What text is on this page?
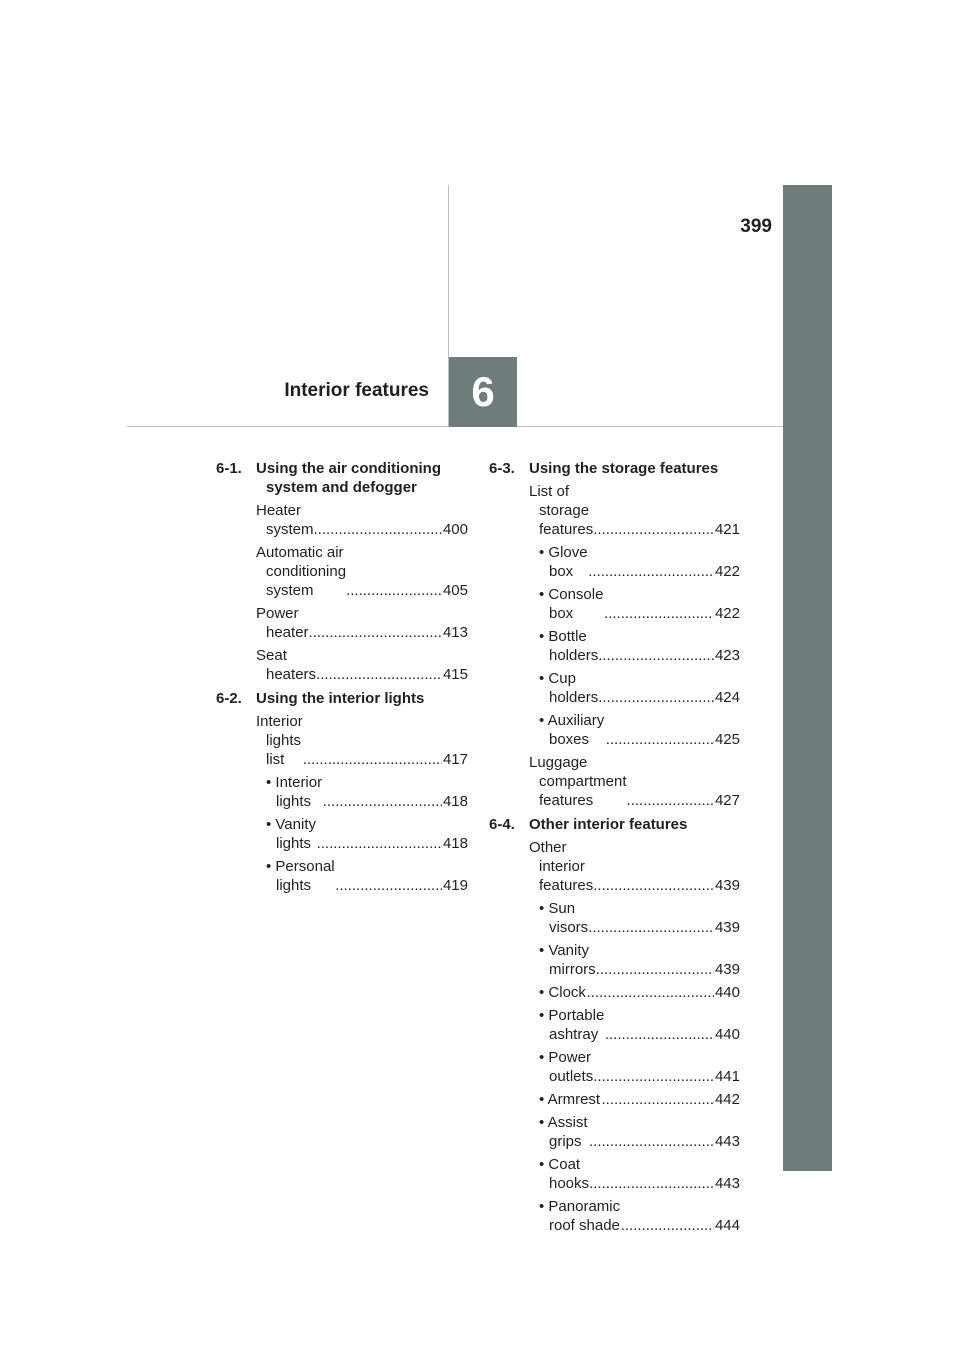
399
Interior features	6
6-1. Using the air conditioning system and defogger
Heater system .....	400
Automatic air conditioning system .....	405
Power heater .....	413
Seat heaters .....	415
6-2. Using the interior lights
Interior lights list .....	417
• Interior lights .....	418
• Vanity lights .....	418
• Personal lights .....	419
6-3. Using the storage features
List of storage features .....	421
• Glove box .....	422
• Console box .....	422
• Bottle holders .....	423
• Cup holders .....	424
• Auxiliary boxes .....	425
Luggage compartment features .....	427
6-4. Other interior features
Other interior features .....	439
• Sun visors .....	439
• Vanity mirrors .....	439
• Clock .....	440
• Portable ashtray .....	440
• Power outlets .....	441
• Armrest .....	442
• Assist grips .....	443
• Coat hooks .....	443
• Panoramic roof shade .....	444
